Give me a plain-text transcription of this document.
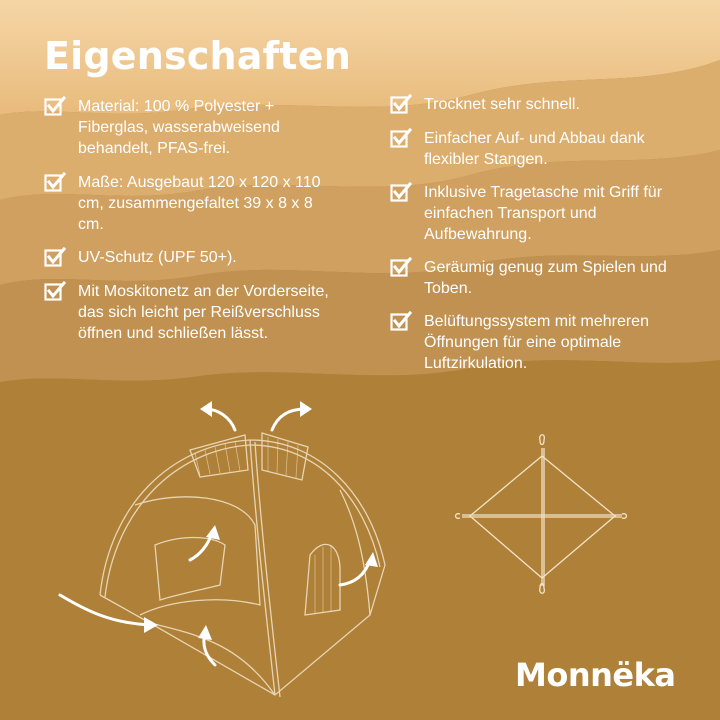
Eigenschaften
Material: 100 % Polyester + Fiberglas, wasserabweisend behandelt, PFAS-frei.
Maße: Ausgebaut 120 x 120 x 110 cm, zusammengefaltet 39 x 8 x 8 cm.
UV-Schutz (UPF 50+).
Mit Moskitonetz an der Vorderseite, das sich leicht per Reißverschluss öffnen und schließen lässt.
Trocknet sehr schnell.
Einfacher Auf- und Abbau dank flexibler Stangen.
Inklusive Tragetasche mit Griff für einfachen Transport und Aufbewahrung.
Geräumig genug zum Spielen und Toben.
Belüftungssystem mit mehreren Öffnungen für eine optimale Luftzirkulation.
Monnëka
